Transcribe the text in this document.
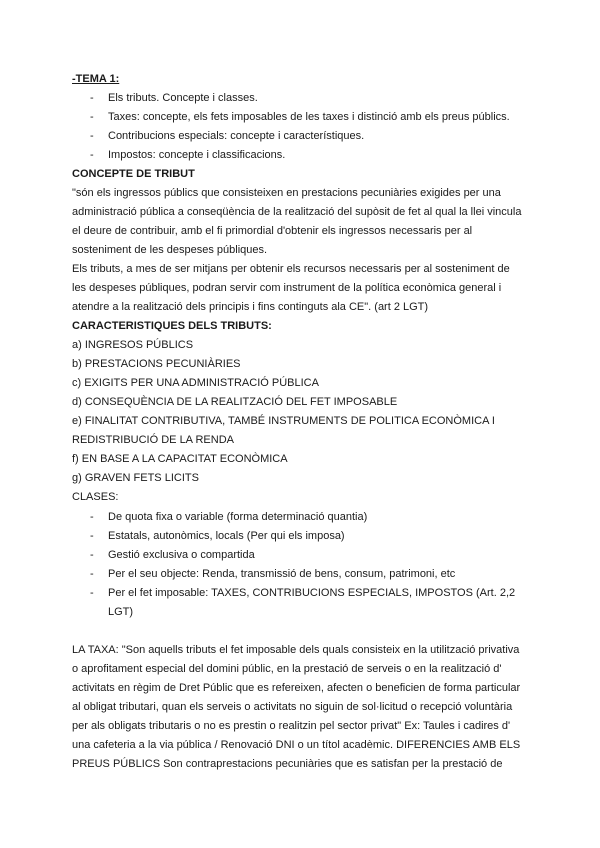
-TEMA 1:
- Els tributs. Concepte i classes.
- Taxes: concepte, els fets imposables de les taxes i distinció amb els preus públics.
- Contribucions especials: concepte i característiques.
- Impostos: concepte i classificacions.
CONCEPTE DE TRIBUT
"són els ingressos públics que consisteixen en prestacions pecuniàries exigides per una
administració pública a conseqüència de la realització del supòsit de fet al qual la llei vincula
el deure de contribuir, amb el fi primordial d'obtenir els ingressos necessaris per al
sosteniment de les despeses públiques.
Els tributs, a mes de ser mitjans per obtenir els recursos necessaris per al sosteniment de
les despeses públiques, podran servir com instrument de la política econòmica general i
atendre a la realització dels principis i fins continguts ala CE". (art 2 LGT)
CARACTERISTIQUES DELS TRIBUTS:
a) INGRESOS PÚBLICS
b) PRESTACIONS PECUNIÀRIES
c) EXIGITS PER UNA ADMINISTRACIÓ PÚBLICA
d) CONSEQUÈNCIA DE LA REALITZACIÓ DEL FET IMPOSABLE
e) FINALITAT CONTRIBUTIVA, TAMBÉ INSTRUMENTS DE POLITICA ECONÒMICA I
REDISTRIBUCIÓ DE LA RENDA
f) EN BASE A LA CAPACITAT ECONÒMICA
g) GRAVEN FETS LICITS
CLASES:
- De quota fixa o variable (forma determinació quantia)
- Estatals, autonòmics, locals (Per qui els imposa)
- Gestió exclusiva o compartida
- Per el seu objecte: Renda, transmissió de bens, consum, patrimoni, etc
- Per el fet imposable: TAXES, CONTRIBUCIONS ESPECIALS, IMPOSTOS (Art. 2,2
LGT)
LA TAXA: "Son aquells tributs el fet imposable dels quals consisteix en la utilització privativa
o aprofitament especial del domini públic, en la prestació de serveis o en la realització d'
activitats en règim de Dret Públic que es refereixen, afecten o beneficien de forma particular
al obligat tributari, quan els serveis o activitats no siguin de sol·licitud o recepció voluntària
per als obligats tributaris o no es prestin o realitzin pel sector privat" Ex: Taules i cadires d'
una cafeteria a la via pública / Renovació DNI o un títol acadèmic. DIFERENCIES AMB ELS
PREUS PÚBLICS Son contraprestacions pecuniàries que es satisfan per la prestació de
